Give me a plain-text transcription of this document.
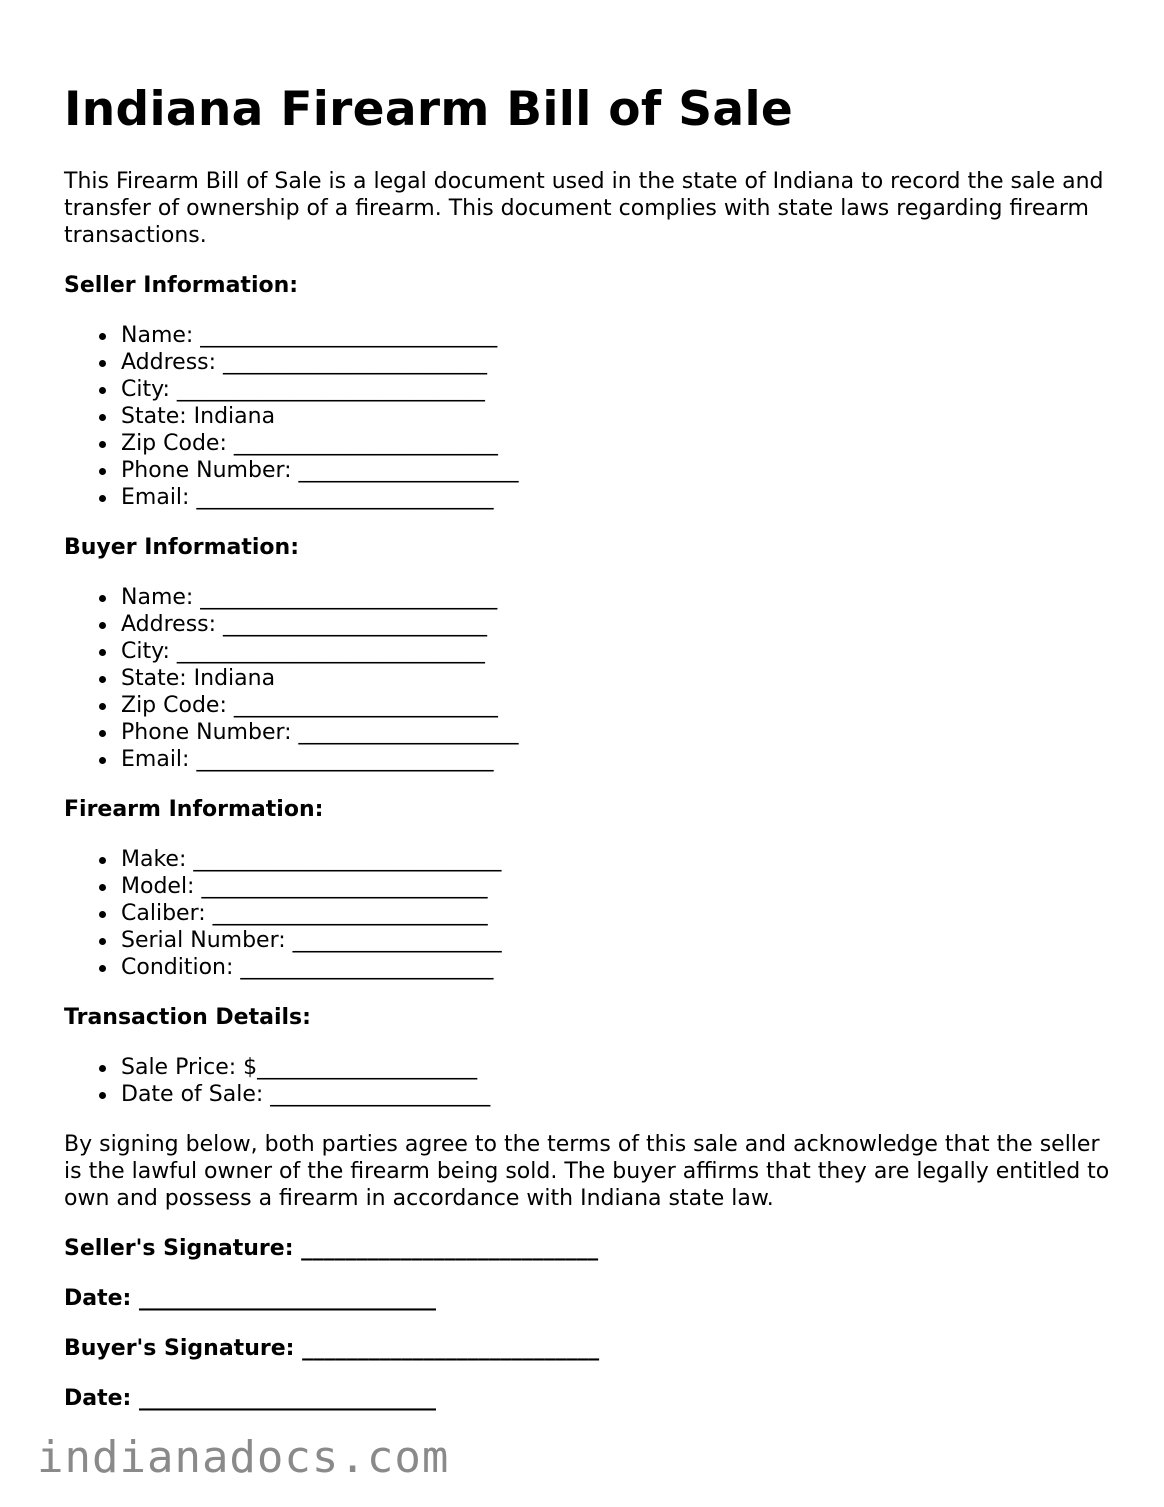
Indiana Firearm Bill of Sale

This Firearm Bill of Sale is a legal document used in the state of Indiana to record the sale and transfer of ownership of a firearm. This document complies with state laws regarding firearm transactions.

Seller Information:
Name: ___________________________
Address: ________________________
City: ____________________________
State: Indiana
Zip Code: ________________________
Phone Number: ____________________
Email: ___________________________
Buyer Information:
Name: ___________________________
Address: ________________________
City: ____________________________
State: Indiana
Zip Code: ________________________
Phone Number: ____________________
Email: ___________________________
Firearm Information:
Make: ____________________________
Model: __________________________
Caliber: _________________________
Serial Number: ___________________
Condition: _______________________
Transaction Details:
Sale Price: $____________________
Date of Sale: ____________________

By signing below, both parties agree to the terms of this sale and acknowledge that the seller is the lawful owner of the firearm being sold. The buyer affirms that they are legally entitled to own and possess a firearm in accordance with Indiana state law.

Seller's Signature: ___________________________
Date: ___________________________
Buyer's Signature: ___________________________
Date: ___________________________
indianadocs.com
